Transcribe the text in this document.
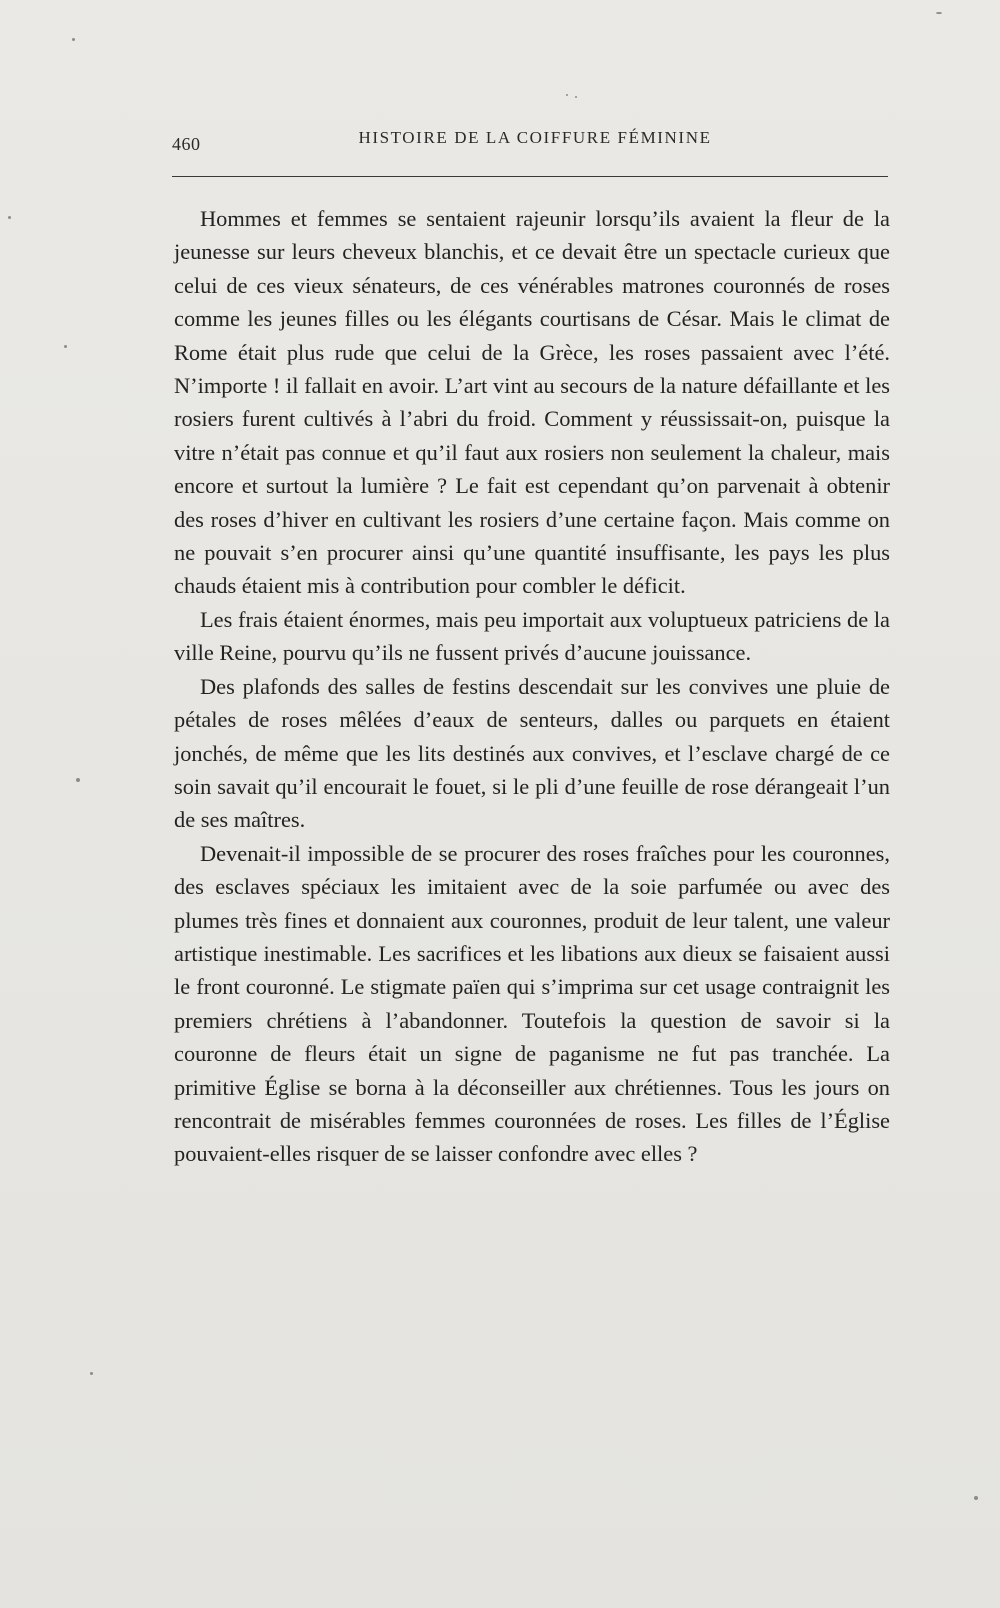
460	HISTOIRE DE LA COIFFURE FÉMININE

Hommes et femmes se sentaient rajeunir lorsqu’ils avaient la fleur de la jeunesse sur leurs cheveux blanchis, et ce devait être un spectacle curieux que celui de ces vieux sénateurs, de ces vénérables matrones couronnés de roses comme les jeunes filles ou les élégants courtisans de César. Mais le climat de Rome était plus rude que celui de la Grèce, les roses passaient avec l’été. N’importe ! il fallait en avoir. L’art vint au secours de la nature défaillante et les rosiers furent cultivés à l’abri du froid. Comment y réussissait-on, puisque la vitre n’était pas connue et qu’il faut aux rosiers non seulement la chaleur, mais encore et surtout la lumière ? Le fait est cependant qu’on parvenait à obtenir des roses d’hiver en cultivant les rosiers d’une certaine façon. Mais comme on ne pouvait s’en procurer ainsi qu’une quantité insuffisante, les pays les plus chauds étaient mis à contribution pour combler le déficit.

Les frais étaient énormes, mais peu importait aux voluptueux patriciens de la ville Reine, pourvu qu’ils ne fussent privés d’aucune jouissance.

Des plafonds des salles de festins descendait sur les convives une pluie de pétales de roses mêlées d’eaux de senteurs, dalles ou parquets en étaient jonchés, de même que les lits destinés aux convives, et l’esclave chargé de ce soin savait qu’il encourait le fouet, si le pli d’une feuille de rose dérangeait l’un de ses maîtres.

Devenait-il impossible de se procurer des roses fraîches pour les couronnes, des esclaves spéciaux les imitaient avec de la soie parfumée ou avec des plumes très fines et donnaient aux couronnes, produit de leur talent, une valeur artistique inestimable. Les sacrifices et les libations aux dieux se faisaient aussi le front couronné. Le stigmate païen qui s’imprima sur cet usage contraignit les premiers chrétiens à l’abandonner. Toutefois la question de savoir si la couronne de fleurs était un signe de paganisme ne fut pas tranchée. La primitive Église se borna à la déconseiller aux chrétiennes. Tous les jours on rencontrait de misérables femmes couronnées de roses. Les filles de l’Église pouvaient-elles risquer de se laisser confondre avec elles ?
